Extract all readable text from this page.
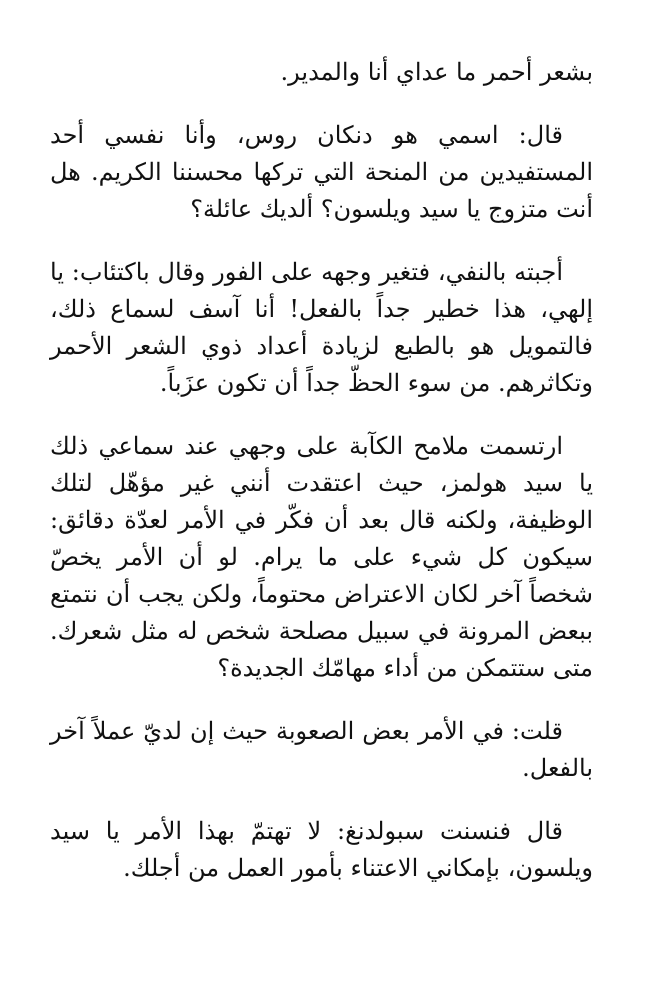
بشعر أحمر ما عداي أنا والمدير.

قال: اسمي هو دنكان روس، وأنا نفسي أحد المستفيدين من المنحة التي تركها محسننا الكريم. هل أنت متزوج يا سيد ويلسون؟ ألديك عائلة؟

أجبته بالنفي، فتغير وجهه على الفور وقال باكتئاب: يا إلهي، هذا خطير جداً بالفعل! أنا آسف لسماع ذلك، فالتمويل هو بالطبع لزيادة أعداد ذوي الشعر الأحمر وتكاثرهم. من سوء الحظّ جداً أن تكون عزَباً.

ارتسمت ملامح الكآبة على وجهي عند سماعي ذلك يا سيد هولمز، حيث اعتقدت أنني غير مؤهّل لتلك الوظيفة، ولكنه قال بعد أن فكّر في الأمر لعدّة دقائق: سيكون كل شيء على ما يرام. لو أن الأمر يخصّ شخصاً آخر لكان الاعتراض محتوماً، ولكن يجب أن نتمتع ببعض المرونة في سبيل مصلحة شخص له مثل شعرك. متى ستتمكن من أداء مهامّك الجديدة؟

قلت: في الأمر بعض الصعوبة حيث إن لديّ عملاً آخر بالفعل.

قال فنسنت سبولدنغ: لا تهتمّ بهذا الأمر يا سيد ويلسون، بإمكاني الاعتناء بأمور العمل من أجلك.
